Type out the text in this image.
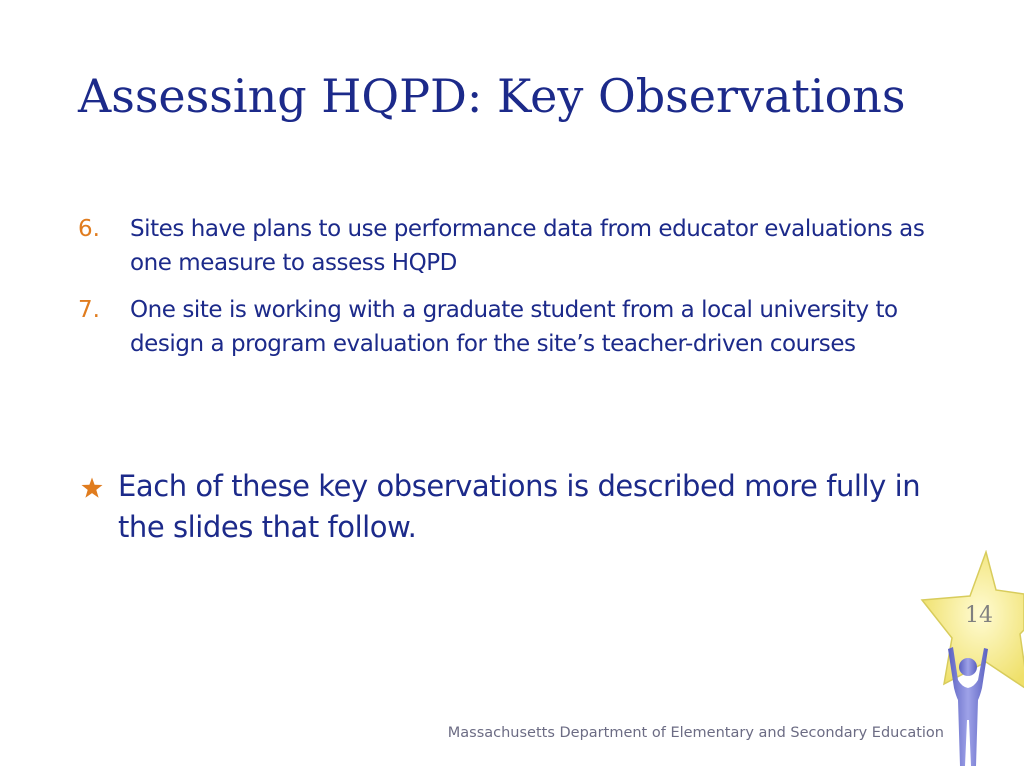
Assessing HQPD: Key Observations
6. Sites have plans to use performance data from educator evaluations as one measure to assess HQPD
7. One site is working with a graduate student from a local university to design a program evaluation for the site’s teacher-driven courses
Each of these key observations is described more fully in the slides that follow.
14
Massachusetts Department of Elementary and Secondary Education
